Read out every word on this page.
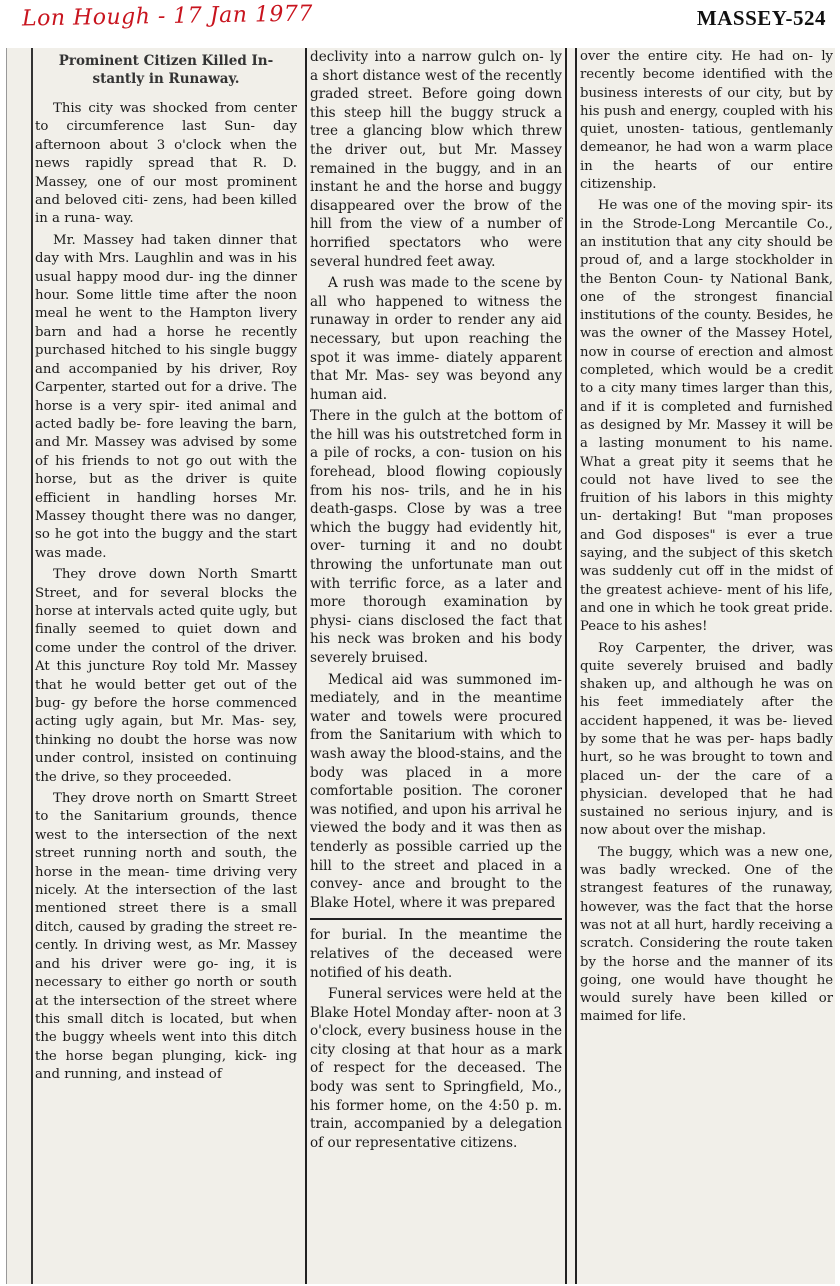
Lon Hough - 17 Jan 1977	MASSEY-524
Prominent Citizen Killed In- stantly in Runaway.

This city was shocked from center to circumference last Sun- day afternoon about 3 o'clock when the news rapidly spread that R. D. Massey, one of our most prominent and beloved citi- zens, had been killed in a runa- way.

Mr. Massey had taken dinner that day with Mrs. Laughlin and was in his usual happy mood dur- ing the dinner hour. Some little time after the noon meal he went to the Hampton livery barn and had a horse he recently purchased hitched to his single buggy and accompanied by his driver, Roy Carpenter, started out for a drive. The horse is a very spir- ited animal and acted badly be- fore leaving the barn, and Mr. Massey was advised by some of his friends to not go out with the horse, but as the driver is quite efficient in handling horses Mr. Massey thought there was no danger, so he got into the buggy and the start was made.

They drove down North Smartt Street, and for several blocks the horse at intervals acted quite ugly, but finally seemed to quiet down and come under the control of the driver. At this juncture Roy told Mr. Massey that he would better get out of the bug- gy before the horse commenced acting ugly again, but Mr. Mas- sey, thinking no doubt the horse was now under control, insisted on continuing the drive, so they proceeded.

They drove north on Smartt Street to the Sanitarium grounds, thence west to the intersection of the next street running north and south, the horse in the mean- time driving very nicely. At the intersection of the last mentioned street there is a small ditch, caused by grading the street re- cently. In driving west, as Mr. Massey and his driver were go- ing, it is necessary to either go north or south at the intersection of the street where this small ditch is located, but when the buggy wheels went into this ditch the horse began plunging, kick- ing and running, and instead of

declivity into a narrow gulch on- ly a short distance west of the recently graded street. Before going down this steep hill the buggy struck a tree a glancing blow which threw the driver out, but Mr. Massey remained in the buggy, and in an instant he and the horse and buggy disappeared over the brow of the hill from the view of a number of horrified spectators who were several hundred feet away.

A rush was made to the scene by all who happened to witness the runaway in order to render any aid necessary, but upon reaching the spot it was imme- diately apparent that Mr. Mas- sey was beyond any human aid.

There in the gulch at the bottom of the hill was his outstretched form in a pile of rocks, a con- tusion on his forehead, blood flowing copiously from his nos- trils, and he in his death-gasps. Close by was a tree which the buggy had evidently hit, over- turning it and no doubt throwing the unfortunate man out with terrific force, as a later and more thorough examination by physi- cians disclosed the fact that his neck was broken and his body severely bruised.

Medical aid was summoned im- mediately, and in the meantime water and towels were procured from the Sanitarium with which to wash away the blood-stains, and the body was placed in a more comfortable position. The coroner was notified, and upon his arrival he viewed the body and it was then as tenderly as possible carried up the hill to the street and placed in a convey- ance and brought to the Blake Hotel, where it was prepared

for burial. In the meantime the relatives of the deceased were notified of his death.

Funeral services were held at the Blake Hotel Monday after- noon at 3 o'clock, every business house in the city closing at that hour as a mark of respect for the deceased. The body was sent to Springfield, Mo., his former home, on the 4:50 p. m. train, accompanied by a delegation of our representative citizens.

over the entire city. He had on- ly recently become identified with the business interests of our city, but by his push and energy, coupled with his quiet, unosten- tatious, gentlemanly demeanor, he had won a warm place in the hearts of our entire citizenship.

He was one of the moving spir- its in the Strode-Long Mercantile Co., an institution that any city should be proud of, and a large stockholder in the Benton Coun- ty National Bank, one of the strongest financial institutions of the county. Besides, he was the owner of the Massey Hotel, now in course of erection and almost completed, which would be a credit to a city many times larger than this, and if it is completed and furnished as designed by Mr. Massey it will be a lasting monument to his name. What a great pity it seems that he could not have lived to see the fruition of his labors in this mighty un- dertaking! But "man proposes and God disposes" is ever a true saying, and the subject of this sketch was suddenly cut off in the midst of the greatest achieve- ment of his life, and one in which he took great pride. Peace to his ashes!

Roy Carpenter, the driver, was quite severely bruised and badly shaken up, and although he was on his feet immediately after the accident happened, it was be- lieved by some that he was per- haps badly hurt, so he was brought to town and placed un- der the care of a physician. developed that he had sustained no serious injury, and is now about over the mishap.

The buggy, which was a new one, was badly wrecked. One of the strangest features of the runaway, however, was the fact that the horse was not at all hurt, hardly receiving a scratch. Considering the route taken by the horse and the manner of its going, one would have thought he would surely have been killed or maimed for life.
